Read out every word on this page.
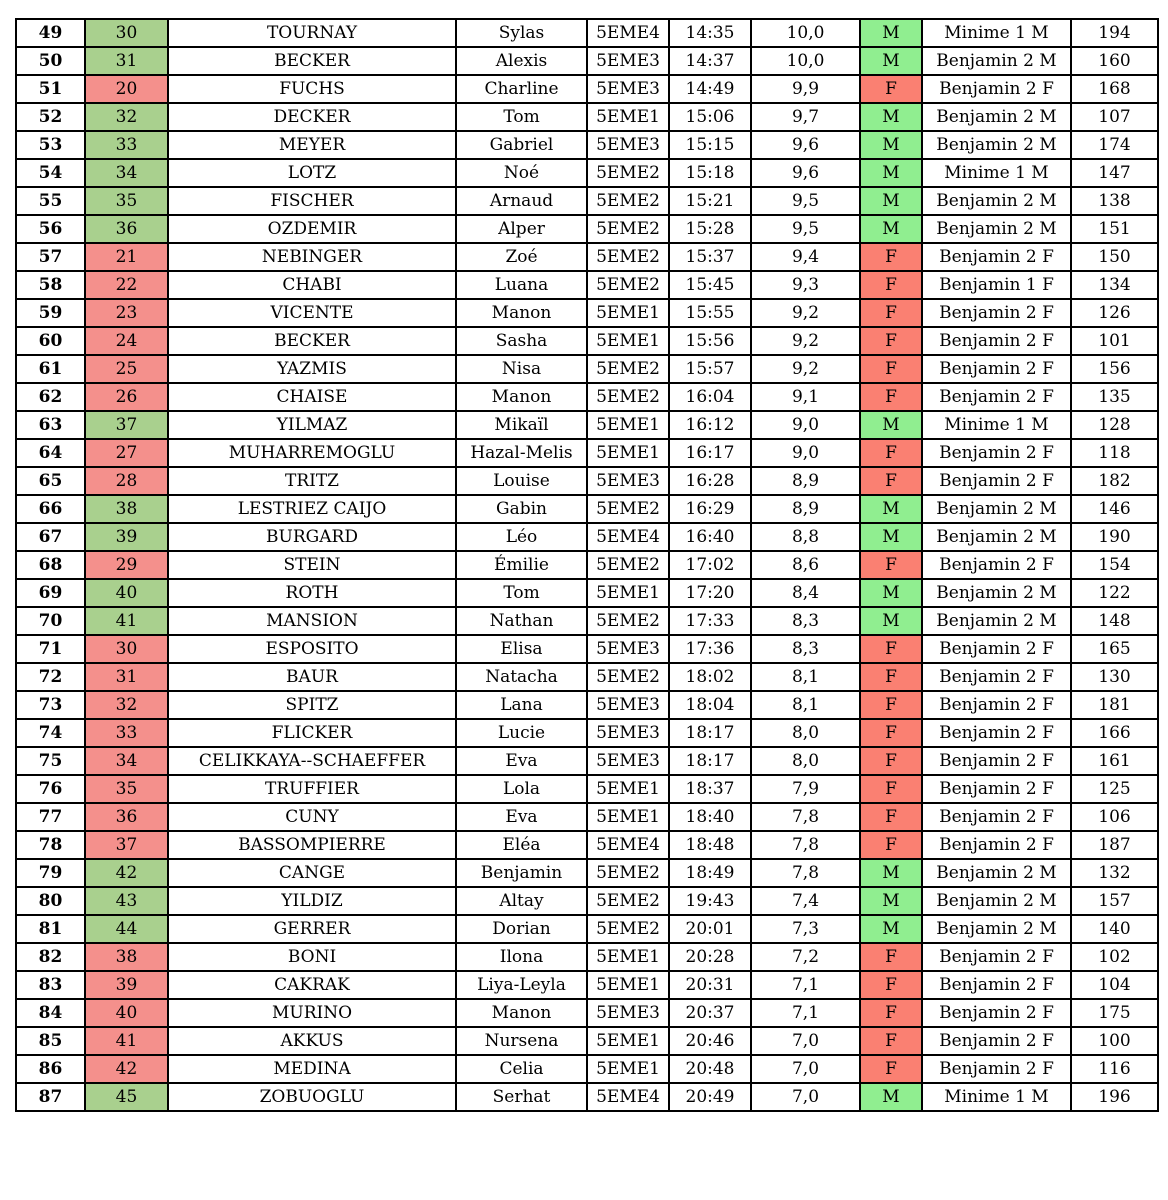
49	30	TOURNAY	Sylas	5EME4	14:35	10,0	M	Minime 1 M	194
50	31	BECKER	Alexis	5EME3	14:37	10,0	M	Benjamin 2 M	160
51	20	FUCHS	Charline	5EME3	14:49	9,9	F	Benjamin 2 F	168
52	32	DECKER	Tom	5EME1	15:06	9,7	M	Benjamin 2 M	107
53	33	MEYER	Gabriel	5EME3	15:15	9,6	M	Benjamin 2 M	174
54	34	LOTZ	Noé	5EME2	15:18	9,6	M	Minime 1 M	147
55	35	FISCHER	Arnaud	5EME2	15:21	9,5	M	Benjamin 2 M	138
56	36	OZDEMIR	Alper	5EME2	15:28	9,5	M	Benjamin 2 M	151
57	21	NEBINGER	Zoé	5EME2	15:37	9,4	F	Benjamin 2 F	150
58	22	CHABI	Luana	5EME2	15:45	9,3	F	Benjamin 1 F	134
59	23	VICENTE	Manon	5EME1	15:55	9,2	F	Benjamin 2 F	126
60	24	BECKER	Sasha	5EME1	15:56	9,2	F	Benjamin 2 F	101
61	25	YAZMIS	Nisa	5EME2	15:57	9,2	F	Benjamin 2 F	156
62	26	CHAISE	Manon	5EME2	16:04	9,1	F	Benjamin 2 F	135
63	37	YILMAZ	Mikaïl	5EME1	16:12	9,0	M	Minime 1 M	128
64	27	MUHARREMOGLU	Hazal-Melis	5EME1	16:17	9,0	F	Benjamin 2 F	118
65	28	TRITZ	Louise	5EME3	16:28	8,9	F	Benjamin 2 F	182
66	38	LESTRIEZ CAIJO	Gabin	5EME2	16:29	8,9	M	Benjamin 2 M	146
67	39	BURGARD	Léo	5EME4	16:40	8,8	M	Benjamin 2 M	190
68	29	STEIN	Émilie	5EME2	17:02	8,6	F	Benjamin 2 F	154
69	40	ROTH	Tom	5EME1	17:20	8,4	M	Benjamin 2 M	122
70	41	MANSION	Nathan	5EME2	17:33	8,3	M	Benjamin 2 M	148
71	30	ESPOSITO	Elisa	5EME3	17:36	8,3	F	Benjamin 2 F	165
72	31	BAUR	Natacha	5EME2	18:02	8,1	F	Benjamin 2 F	130
73	32	SPITZ	Lana	5EME3	18:04	8,1	F	Benjamin 2 F	181
74	33	FLICKER	Lucie	5EME3	18:17	8,0	F	Benjamin 2 F	166
75	34	CELIKKAYA--SCHAEFFER	Eva	5EME3	18:17	8,0	F	Benjamin 2 F	161
76	35	TRUFFIER	Lola	5EME1	18:37	7,9	F	Benjamin 2 F	125
77	36	CUNY	Eva	5EME1	18:40	7,8	F	Benjamin 2 F	106
78	37	BASSOMPIERRE	Eléa	5EME4	18:48	7,8	F	Benjamin 2 F	187
79	42	CANGE	Benjamin	5EME2	18:49	7,8	M	Benjamin 2 M	132
80	43	YILDIZ	Altay	5EME2	19:43	7,4	M	Benjamin 2 M	157
81	44	GERRER	Dorian	5EME2	20:01	7,3	M	Benjamin 2 M	140
82	38	BONI	Ilona	5EME1	20:28	7,2	F	Benjamin 2 F	102
83	39	CAKRAK	Liya-Leyla	5EME1	20:31	7,1	F	Benjamin 2 F	104
84	40	MURINO	Manon	5EME3	20:37	7,1	F	Benjamin 2 F	175
85	41	AKKUS	Nursena	5EME1	20:46	7,0	F	Benjamin 2 F	100
86	42	MEDINA	Celia	5EME1	20:48	7,0	F	Benjamin 2 F	116
87	45	ZOBUOGLU	Serhat	5EME4	20:49	7,0	M	Minime 1 M	196
